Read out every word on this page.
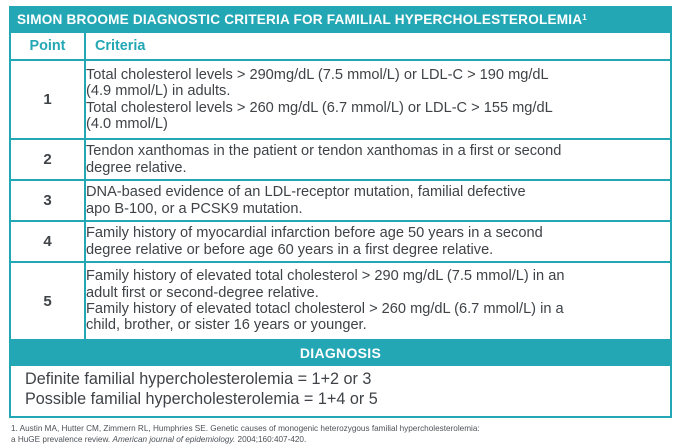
SIMON BROOME DIAGNOSTIC CRITERIA FOR FAMILIAL HYPERCHOLESTEROLEMIA$^1$
Point	Criteria
1	Total cholesterol levels > 290mg/dL (7.5 mmol/L) or LDL-C > 190 mg/dL
(4.9 mmol/L) in adults.
Total cholesterol levels > 260 mg/dL (6.7 mmol/L) or LDL-C > 155 mg/dL
(4.0 mmol/L)

2	Tendon xanthomas in the patient or tendon xanthomas in a first or second
degree relative.

3	DNA-based evidence of an LDL-receptor mutation, familial defective
apo B-100, or a PCSK9 mutation.

4	Family history of myocardial infarction before age 50 years in a second
degree relative or before age 60 years in a first degree relative.

5	Family history of elevated total cholesterol > 290 mg/dL (7.5 mmol/L) in an
adult first or second-degree relative.
Family history of elevated totacl cholesterol > 260 mg/dL (6.7 mmol/L) in a
child, brother, or sister 16 years or younger.
DIAGNOSIS
Definite familial hypercholesterolemia = 1+2 or 3
Possible familial hypercholesterolemia = 1+4 or 5
1. Austin MA, Hutter CM, Zimmern RL, Humphries SE. Genetic causes of monogenic heterozygous familial hypercholesterolemia:
a HuGE prevalence review. American journal of epidemiology. 2004;160:407-420.
